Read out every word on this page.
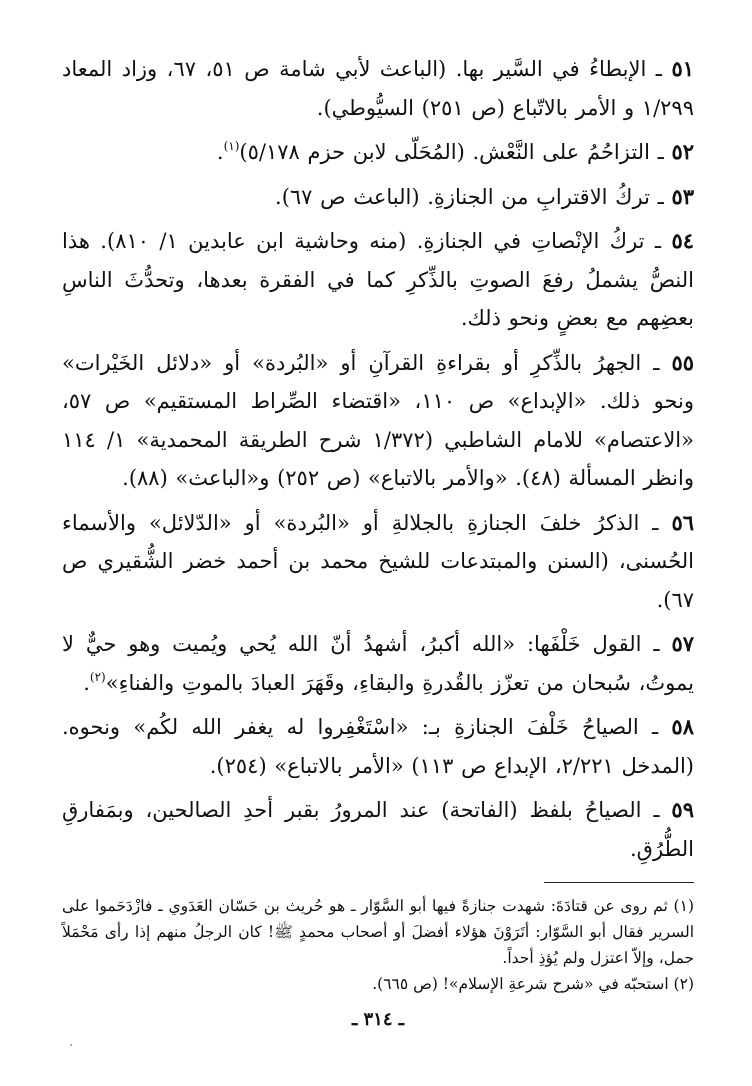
٥١ ـ الإبطاءُ في السَّير بها. (الباعث لأبي شامة ص ٥١، ٦٧، وزاد المعاد ١/٢٩٩ و الأمر بالاتّباع (ص ٢٥١) السيُّوطي).

٥٢ ـ التزاحُمُ على النَّعْش. (المُحَلّى لابن حزم ٥/١٧٨)$^{(١)}$.

٥٣ ـ تركُ الاقترابِ من الجنازةِ. (الباعث ص ٦٧).

٥٤ ـ تركُ الإنْصاتِ في الجنازةِ. (منه وحاشية ابن عابدين ١/ ٨١٠). هذا النصُّ يشملُ رفعَ الصوتِ بالذِّكرِ كما في الفقرة بعدها، وتحدُّثَ الناسِ بعضِهم مع بعضٍ ونحو ذلك.

٥٥ ـ الجهرُ بالذِّكرِ أو بقراءةِ القرآنِ أو «البُردة» أو «دلائل الخَيْرات» ونحو ذلك. «الإبداع» ص ١١٠، «اقتضاء الصِّراط المستقيم» ص ٥٧، «الاعتصام» للامام الشاطبي (١/٣٧٢ شرح الطريقة المحمدية» ١/ ١١٤ وانظر المسألة (٤٨). «والأمر بالاتباع» (ص ٢٥٢) و«الباعث» (٨٨).

٥٦ ـ الذكرُ خلفَ الجنازةِ بالجلالةِ أو «البُردة» أو «الدّلائل» والأسماء الحُسنى، (السنن والمبتدعات للشيخ محمد بن أحمد خضر الشُّقيري ص ٦٧).

٥٧ ـ القول خَلْفَها: «الله أكبرُ، أشهدُ أنّ الله يُحي ويُميت وهو حيٌّ لا يموتُ، سُبحان من تعزّز بالقُدرةِ والبقاءِ، وقَهَرَ العبادَ بالموتِ والفناءِ»$^{(٢)}$.

٥٨ ـ الصياحُ خَلْفَ الجنازةِ بـ: «اسْتَغْفِروا له يغفر الله لكُم» ونحوه. (المدخل ٢/٢٢١، الإبداع ص ١١٣) «الأمر بالاتباع» (٢٥٤).

٥٩ ـ الصياحُ بلفظ (الفاتحة) عند المرورُ بقبر أحدِ الصالحين، وبمَفارقِ الطُّرُقِ.

(١) ثم روى عن قتادَةَ: شهدت جنازةً فيها أبو السَّوّار ـ هو حُريث بن حَسّان العَدَوي ـ فازْدَحَموا على السرير فقال أبو السَّوّار: أتَرَوْنَ هؤلاء أفضلَ أو أصحاب محمدٍ ﷺ! كان الرجلُ منهم إذا رأى مَحْمَلاً حمل، وإلاّ اعتزل ولم يُؤذِ أحداً.

(٢) استحبّه في «شرح شرعةِ الإسلام»! (ص ٦٦٥).

ـ ٣١٤ ـ
